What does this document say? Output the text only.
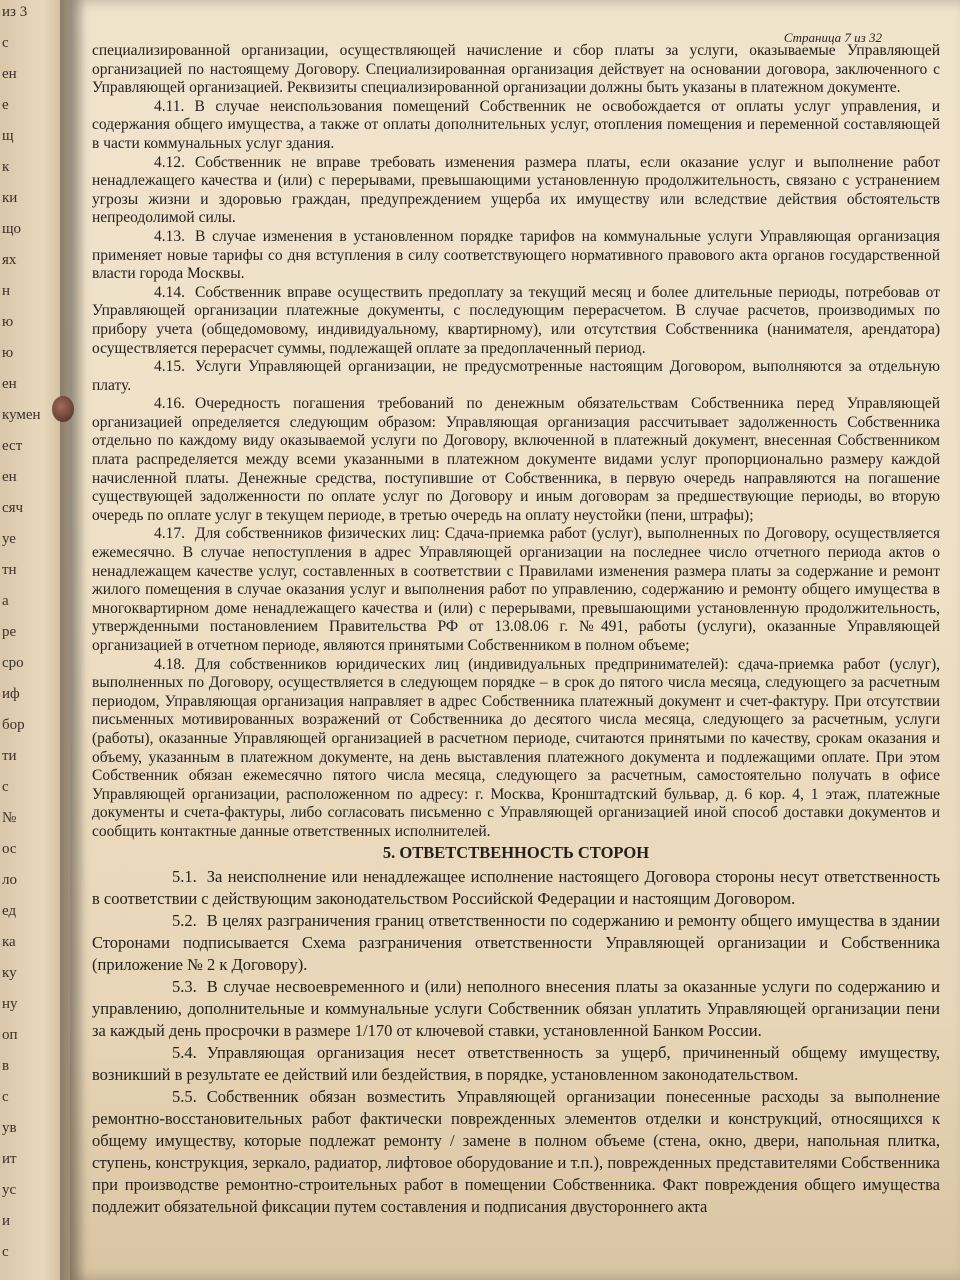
из 3
с
ен
е
щ
к
ки
що
ях
н
ю
ю
ен
кумен
ест
ен
сяч
уе
тн
а
ре
сро
иф
бор
ти
с
№
ос
ло
ед
ка
ку
ну
оп
в
с
ув
ит
ус
и
с
Страница 7 из 32

специализированной организации, осуществляющей начисление и сбор платы за услуги, оказываемые Управляющей организацией по настоящему Договору. Специализированная организация действует на основании договора, заключенного с Управляющей организацией. Реквизиты специализированной организации должны быть указаны в платежном документе.

4.11. В случае неиспользования помещений Собственник не освобождается от оплаты услуг управления, и содержания общего имущества, а также от оплаты дополнительных услуг, отопления помещения и переменной составляющей в части коммунальных услуг здания.

4.12. Собственник не вправе требовать изменения размера платы, если оказание услуг и выполнение работ ненадлежащего качества и (или) с перерывами, превышающими установленную продолжительность, связано с устранением угрозы жизни и здоровью граждан, предупреждением ущерба их имуществу или вследствие действия обстоятельств непреодолимой силы.

4.13. В случае изменения в установленном порядке тарифов на коммунальные услуги Управляющая организация применяет новые тарифы со дня вступления в силу соответствующего нормативного правового акта органов государственной власти города Москвы.

4.14. Собственник вправе осуществить предоплату за текущий месяц и более длительные периоды, потребовав от Управляющей организации платежные документы, с последующим перерасчетом. В случае расчетов, производимых по прибору учета (общедомовому, индивидуальному, квартирному), или отсутствия Собственника (нанимателя, арендатора) осуществляется перерасчет суммы, подлежащей оплате за предоплаченный период.

4.15. Услуги Управляющей организации, не предусмотренные настоящим Договором, выполняются за отдельную плату.

4.16. Очередность погашения требований по денежным обязательствам Собственника перед Управляющей организацией определяется следующим образом: Управляющая организация рассчитывает задолженность Собственника отдельно по каждому виду оказываемой услуги по Договору, включенной в платежный документ, внесенная Собственником плата распределяется между всеми указанными в платежном документе видами услуг пропорционально размеру каждой начисленной платы. Денежные средства, поступившие от Собственника, в первую очередь направляются на погашение существующей задолженности по оплате услуг по Договору и иным договорам за предшествующие периоды, во вторую очередь по оплате услуг в текущем периоде, в третью очередь на оплату неустойки (пени, штрафы);

4.17. Для собственников физических лиц: Сдача-приемка работ (услуг), выполненных по Договору, осуществляется ежемесячно. В случае непоступления в адрес Управляющей организации на последнее число отчетного периода актов о ненадлежащем качестве услуг, составленных в соответствии с Правилами изменения размера платы за содержание и ремонт жилого помещения в случае оказания услуг и выполнения работ по управлению, содержанию и ремонту общего имущества в многоквартирном доме ненадлежащего качества и (или) с перерывами, превышающими установленную продолжительность, утвержденными постановлением Правительства РФ от 13.08.06 г. №491, работы (услуги), оказанные Управляющей организацией в отчетном периоде, являются принятыми Собственником в полном объеме;

4.18. Для собственников юридических лиц (индивидуальных предпринимателей): сдача-приемка работ (услуг), выполненных по Договору, осуществляется в следующем порядке – в срок до пятого числа месяца, следующего за расчетным периодом, Управляющая организация направляет в адрес Собственника платежный документ и счет-фактуру. При отсутствии письменных мотивированных возражений от Собственника до десятого числа месяца, следующего за расчетным, услуги (работы), оказанные Управляющей организацией в расчетном периоде, считаются принятыми по качеству, срокам оказания и объему, указанным в платежном документе, на день выставления платежного документа и подлежащими оплате. При этом Собственник обязан ежемесячно пятого числа месяца, следующего за расчетным, самостоятельно получать в офисе Управляющей организации, расположенном по адресу: г. Москва, Кронштадтский бульвар, д. 6 кор. 4, 1 этаж, платежные документы и счета-фактуры, либо согласовать письменно с Управляющей организацией иной способ доставки документов и сообщить контактные данные ответственных исполнителей.

5. ОТВЕТСТВЕННОСТЬ СТОРОН

5.1. За неисполнение или ненадлежащее исполнение настоящего Договора стороны несут ответственность в соответствии с действующим законодательством Российской Федерации и настоящим Договором.

5.2. В целях разграничения границ ответственности по содержанию и ремонту общего имущества в здании Сторонами подписывается Схема разграничения ответственности Управляющей организации и Собственника (приложение № 2 к Договору).

5.3. В случае несвоевременного и (или) неполного внесения платы за оказанные услуги по содержанию и управлению, дополнительные и коммунальные услуги Собственник обязан уплатить Управляющей организации пени за каждый день просрочки в размере 1/170 от ключевой ставки, установленной Банком России.

5.4. Управляющая организация несет ответственность за ущерб, причиненный общему имуществу, возникший в результате ее действий или бездействия, в порядке, установленном законодательством.

5.5. Собственник обязан возместить Управляющей организации понесенные расходы за выполнение ремонтно-восстановительных работ фактически поврежденных элементов отделки и конструкций, относящихся к общему имуществу, которые подлежат ремонту / замене в полном объеме (стена, окно, двери, напольная плитка, ступень, конструкция, зеркало, радиатор, лифтовое оборудование и т.п.), поврежденных представителями Собственника при производстве ремонтно-строительных работ в помещении Собственника. Факт повреждения общего имущества подлежит обязательной фиксации путем составления и подписания двустороннего акта
